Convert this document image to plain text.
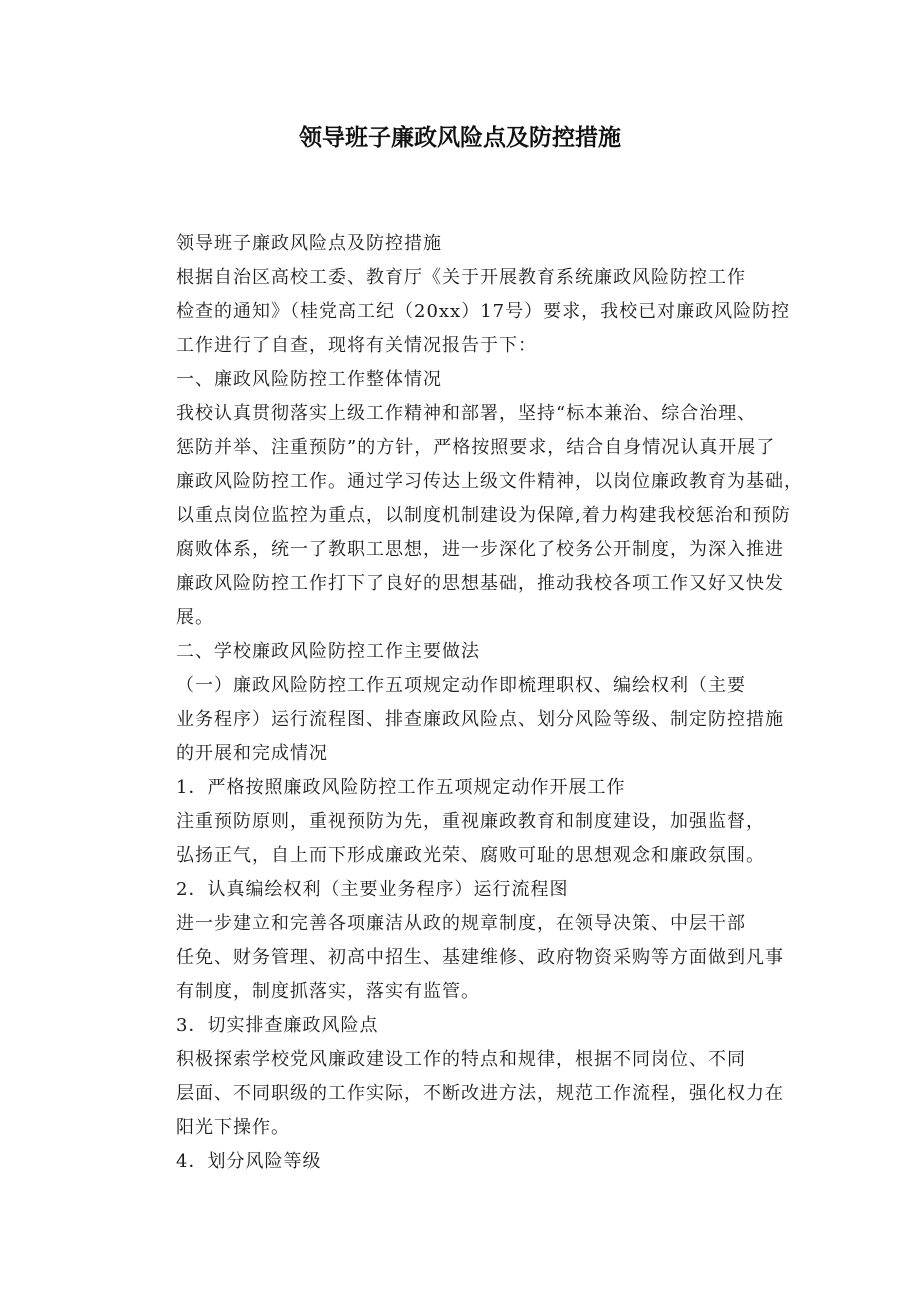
领导班子廉政风险点及防控措施

领导班子廉政风险点及防控措施

根据自治区高校工委、教育厅《关于开展教育系统廉政风险防控工作
检查的通知》（桂党高工纪（20xx）17号）要求，我校已对廉政风险防控
工作进行了自查，现将有关情况报告于下：

一、廉政风险防控工作整体情况

我校认真贯彻落实上级工作精神和部署，坚持“标本兼治、综合治理、
惩防并举、注重预防”的方针，严格按照要求，结合自身情况认真开展了
廉政风险防控工作。通过学习传达上级文件精神，以岗位廉政教育为基础，
以重点岗位监控为重点，以制度机制建设为保障,着力构建我校惩治和预防
腐败体系，统一了教职工思想，进一步深化了校务公开制度，为深入推进
廉政风险防控工作打下了良好的思想基础，推动我校各项工作又好又快发
展。

二、学校廉政风险防控工作主要做法

（一）廉政风险防控工作五项规定动作即梳理职权、编绘权利（主要
业务程序）运行流程图、排查廉政风险点、划分风险等级、制定防控措施
的开展和完成情况

1．严格按照廉政风险防控工作五项规定动作开展工作

注重预防原则，重视预防为先，重视廉政教育和制度建设，加强监督，
弘扬正气，自上而下形成廉政光荣、腐败可耻的思想观念和廉政氛围。

2．认真编绘权利（主要业务程序）运行流程图

进一步建立和完善各项廉洁从政的规章制度，在领导决策、中层干部
任免、财务管理、初高中招生、基建维修、政府物资采购等方面做到凡事
有制度，制度抓落实，落实有监管。

3．切实排查廉政风险点

积极探索学校党风廉政建设工作的特点和规律，根据不同岗位、不同
层面、不同职级的工作实际，不断改进方法，规范工作流程，强化权力在
阳光下操作。

4．划分风险等级
